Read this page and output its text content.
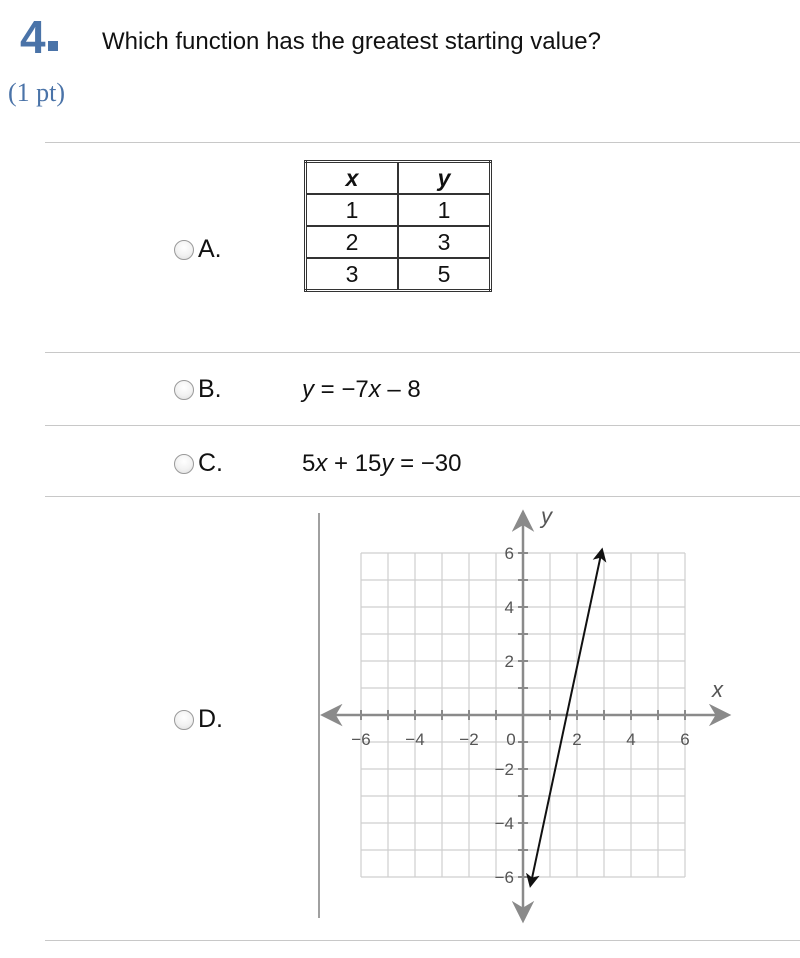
4	Which function has the greatest starting value?
(1 pt)
A.
x	y
1	1
2	3
3	5
B.	y = −7x – 8
C.	5x + 15y = −30
D.
−6 −4 −2 0	2	4	6
6
4
2
−2
−4
−6
x
y
